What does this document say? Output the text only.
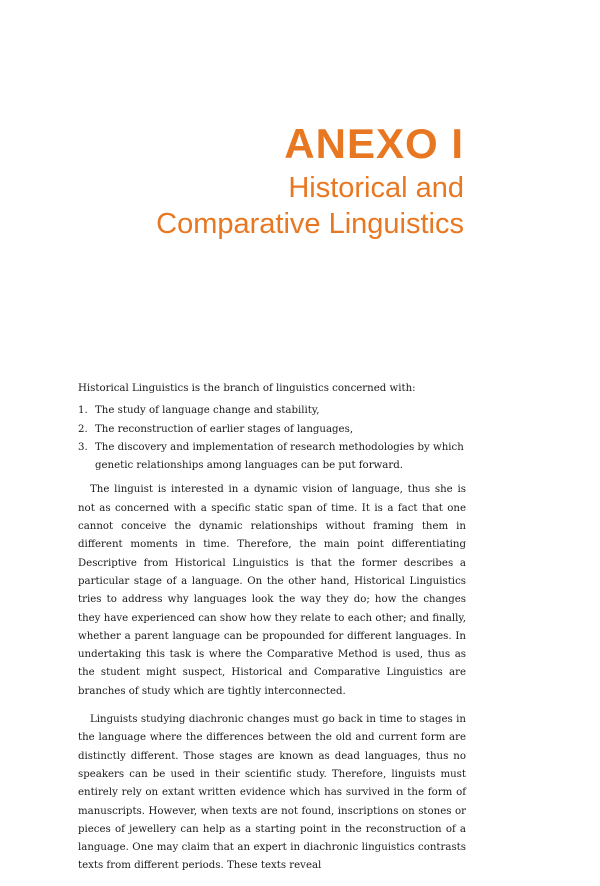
ANEXO I
Historical and
Comparative Linguistics

Historical Linguistics is the branch of linguistics concerned with:

1. The study of language change and stability,
2. The reconstruction of earlier stages of languages,
3. The discovery and implementation of research methodologies by which genetic relationships among languages can be put forward.

The linguist is interested in a dynamic vision of language, thus she is not as concerned with a specific static span of time. It is a fact that one cannot conceive the dynamic relationships without framing them in different moments in time. Therefore, the main point differentiating Descriptive from Historical Linguistics is that the former describes a particular stage of a language. On the other hand, Historical Linguistics tries to address why languages look the way they do; how the changes they have experienced can show how they relate to each other; and finally, whether a parent language can be propounded for different languages. In undertaking this task is where the Comparative Method is used, thus as the student might suspect, Historical and Comparative Linguistics are branches of study which are tightly interconnected.

Linguists studying diachronic changes must go back in time to stages in the language where the differences between the old and current form are distinctly different. Those stages are known as dead languages, thus no speakers can be used in their scientific study. Therefore, linguists must entirely rely on extant written evidence which has survived in the form of manuscripts. However, when texts are not found, inscriptions on stones or pieces of jewellery can help as a starting point in the reconstruction of a language. One may claim that an expert in diachronic linguistics contrasts texts from different periods. These texts reveal
